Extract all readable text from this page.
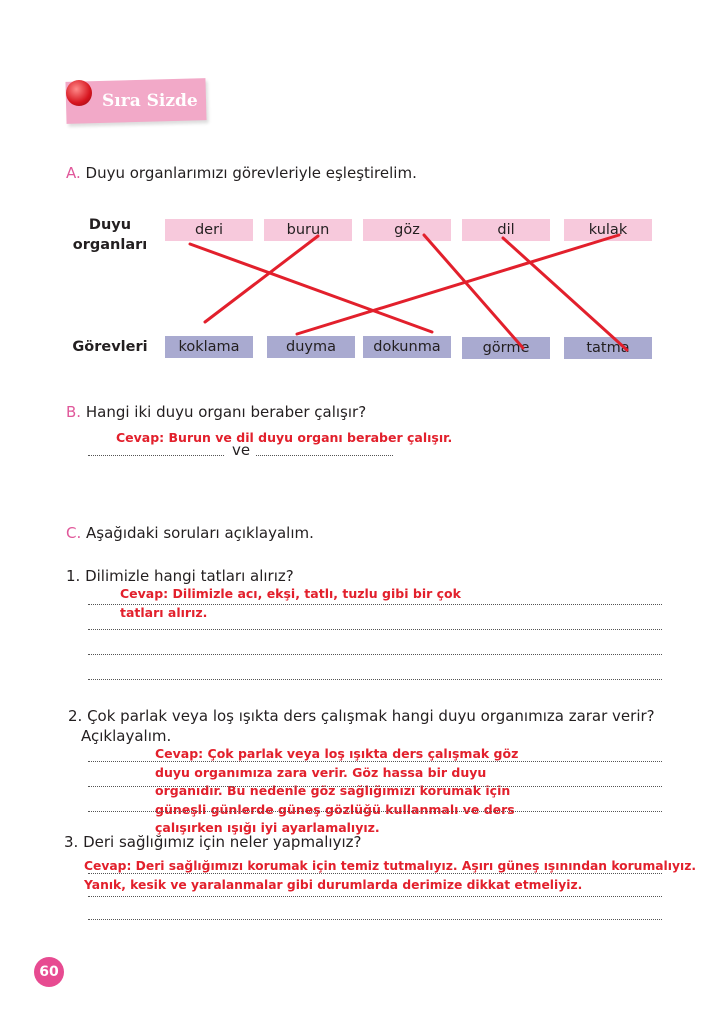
Sıra Sizde
A. Duyu organlarımızı görevleriyle eşleştirelim.
Duyu
organları
Görevleri
deri	burun	göz	dil	kulak
koklama	duyma	dokunma	görme	tatma
B. Hangi iki duyu organı beraber çalışır?
Cevap: Burun ve dil duyu organı beraber çalışır.
ve
C. Aşağıdaki soruları açıklayalım.
1. Dilimizle hangi tatları alırız?
Cevap: Dilimizle acı, ekşi, tatlı, tuzlu gibi bir çok
tatları alırız.
2. Çok parlak veya loş ışıkta ders çalışmak hangi duyu organımıza zarar verir?
Açıklayalım.
Cevap: Çok parlak veya loş ışıkta ders çalışmak göz
duyu organımıza zara verir. Göz hassa bir duyu
organıdır. Bu nedenle göz sağlığımızı korumak için
güneşli günlerde güneş gözlüğü kullanmalı ve ders
çalışırken ışığı iyi ayarlamalıyız.
3. Deri sağlığımız için neler yapmalıyız?
Cevap: Deri sağlığımızı korumak için temiz tutmalıyız. Aşırı güneş ışınından korumalıyız.
Yanık, kesik ve yaralanmalar gibi durumlarda derimize dikkat etmeliyiz.
60
